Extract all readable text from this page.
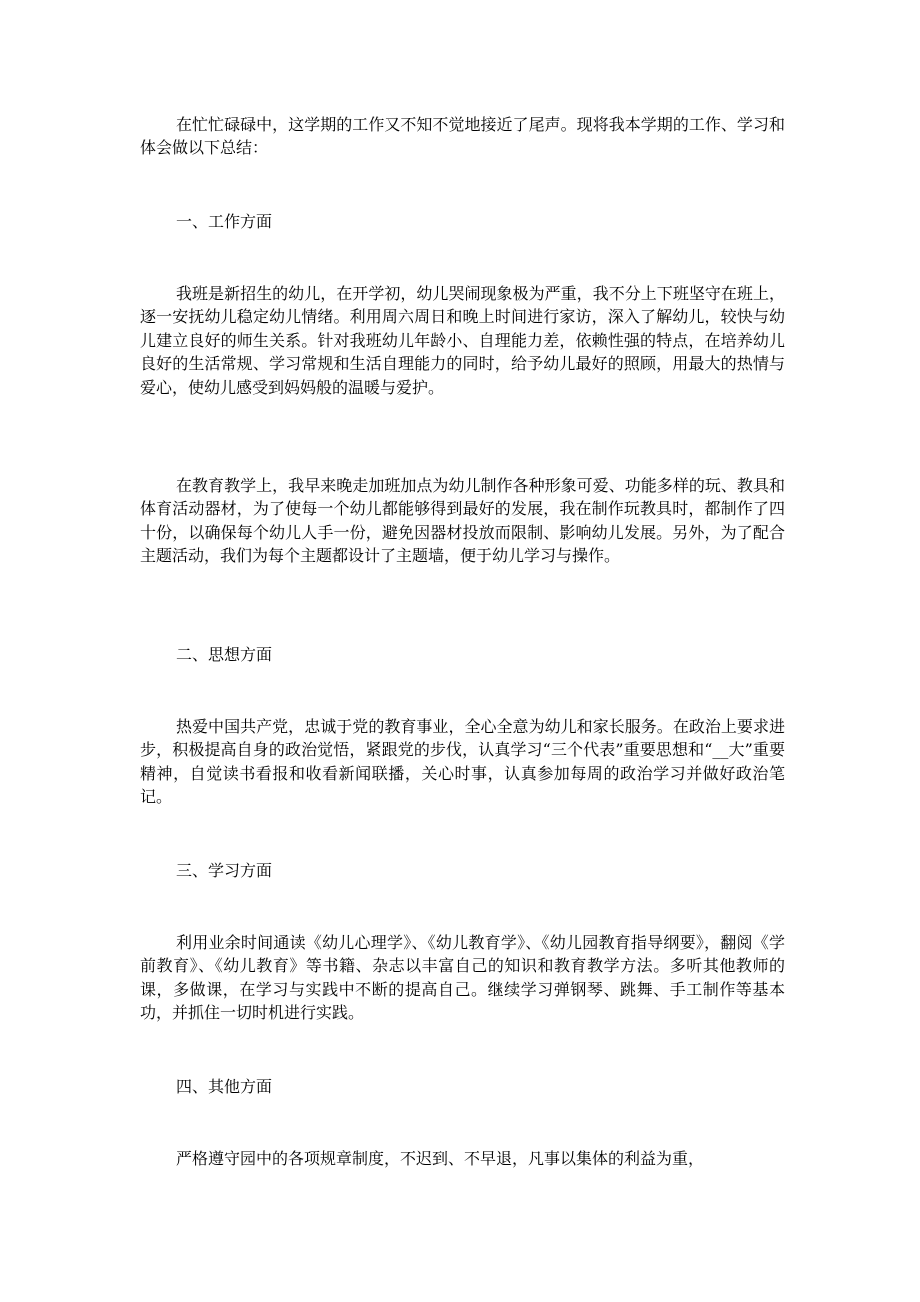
在忙忙碌碌中，这学期的工作又不知不觉地接近了尾声。现将我本学期的工作、学习和体会做以下总结：

一、工作方面

我班是新招生的幼儿，在开学初，幼儿哭闹现象极为严重，我不分上下班坚守在班上，逐一安抚幼儿稳定幼儿情绪。利用周六周日和晚上时间进行家访，深入了解幼儿，较快与幼儿建立良好的师生关系。针对我班幼儿年龄小、自理能力差，依赖性强的特点，在培养幼儿良好的生活常规、学习常规和生活自理能力的同时，给予幼儿最好的照顾，用最大的热情与爱心，使幼儿感受到妈妈般的温暖与爱护。

在教育教学上，我早来晚走加班加点为幼儿制作各种形象可爱、功能多样的玩、教具和体育活动器材，为了使每一个幼儿都能够得到最好的发展，我在制作玩教具时，都制作了四十份，以确保每个幼儿人手一份，避免因器材投放而限制、影响幼儿发展。另外，为了配合主题活动，我们为每个主题都设计了主题墙，便于幼儿学习与操作。

二、思想方面

热爱中国共产党，忠诚于党的教育事业，全心全意为幼儿和家长服务。在政治上要求进步，积极提高自身的政治觉悟，紧跟党的步伐，认真学习“三个代表”重要思想和“__大”重要精神，自觉读书看报和收看新闻联播，关心时事，认真参加每周的政治学习并做好政治笔记。

三、学习方面

利用业余时间通读《幼儿心理学》、《幼儿教育学》、《幼儿园教育指导纲要》，翻阅《学前教育》、《幼儿教育》等书籍、杂志以丰富自己的知识和教育教学方法。多听其他教师的课，多做课，在学习与实践中不断的提高自己。继续学习弹钢琴、跳舞、手工制作等基本功，并抓住一切时机进行实践。

四、其他方面

严格遵守园中的各项规章制度，不迟到、不早退，凡事以集体的利益为重，
